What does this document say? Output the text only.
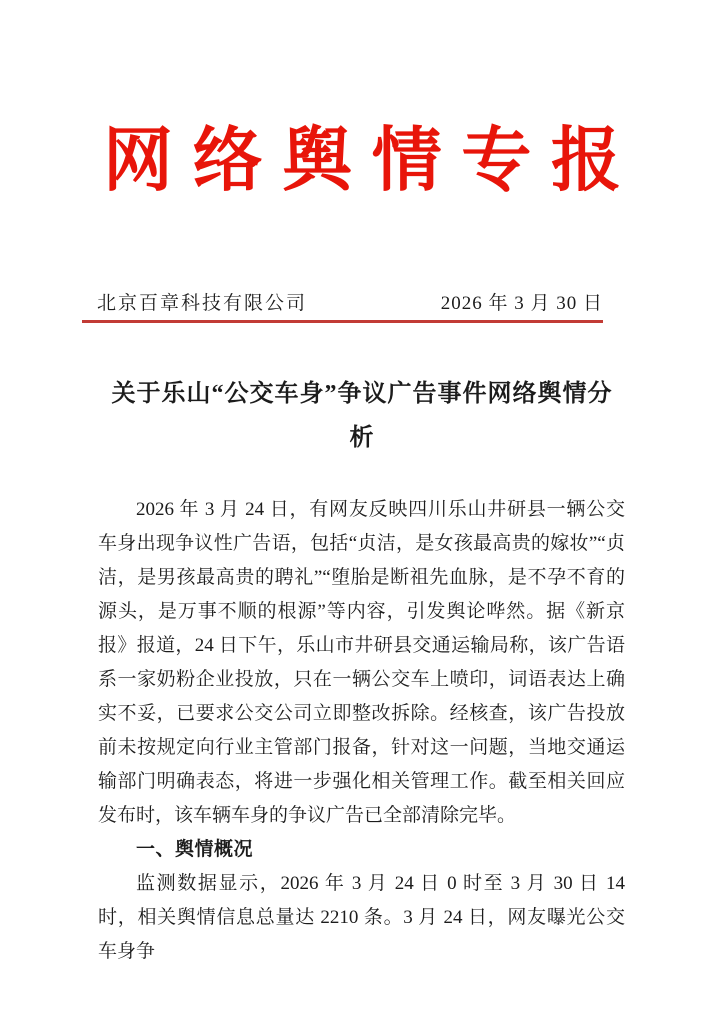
网络舆情专报
北京百章科技有限公司	2026 年 3 月 30 日
关于乐山“公交车身”争议广告事件网络舆情分析

2026 年 3 月 24 日，有网友反映四川乐山井研县一辆公交车身出现争议性广告语，包括“贞洁，是女孩最高贵的嫁妆”“贞洁，是男孩最高贵的聘礼”“堕胎是断祖先血脉，是不孕不育的源头，是万事不顺的根源”等内容，引发舆论哗然。据《新京报》报道，24 日下午，乐山市井研县交通运输局称，该广告语系一家奶粉企业投放，只在一辆公交车上喷印，词语表达上确实不妥，已要求公交公司立即整改拆除。经核查，该广告投放前未按规定向行业主管部门报备，针对这一问题，当地交通运输部门明确表态，将进一步强化相关管理工作。截至相关回应发布时，该车辆车身的争议广告已全部清除完毕。

一、舆情概况

监测数据显示，2026 年 3 月 24 日 0 时至 3 月 30 日 14 时，相关舆情信息总量达 2210 条。3 月 24 日，网友曝光公交车身争
